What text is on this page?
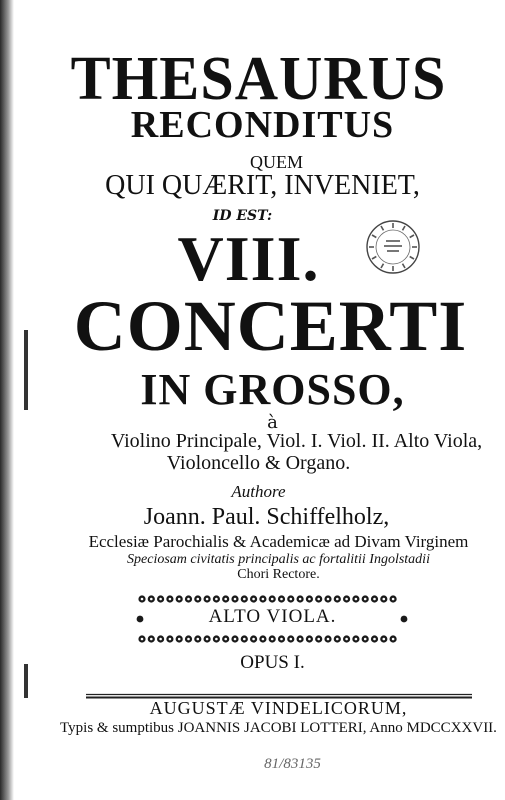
THESAURUS
RECONDITUS
QUEM
QUI QUÆRIT, INVENIET,
ID EST:
VIII.
CONCERTI
IN GROSSO,
à
Violino Principale, Viol. I. Viol. II. Alto Viola,
Violoncello & Organo.
Authore
Joann. Paul. Schiffelholz,
Ecclesiæ Parochialis & Academicæ ad Divam Virginem
Speciosam civitatis principalis ac fortalitii Ingolstadii
Chori Rectore.
ALTO VIOLA.
OPUS I.
AUGUSTÆ VINDELICORUM,
Typis & sumptibus JOANNIS JACOBI LOTTERI, Anno MDCCXXVII.
81/83135
